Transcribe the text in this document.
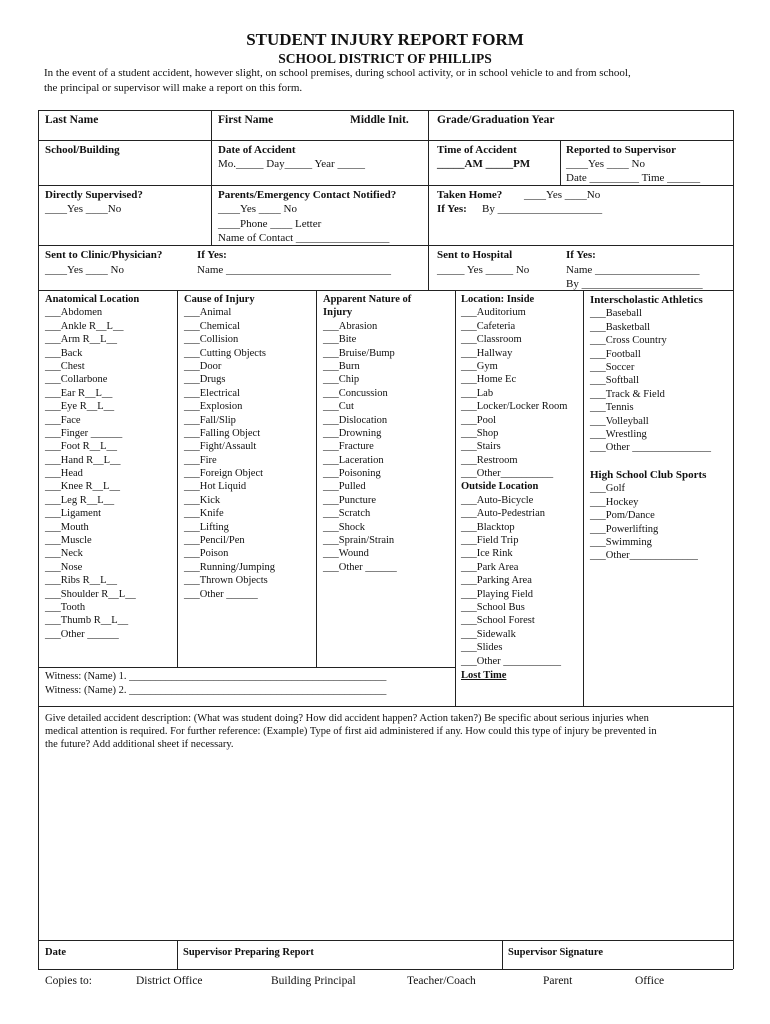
STUDENT INJURY REPORT FORM
SCHOOL DISTRICT OF PHILLIPS
In the event of a student accident, however slight, on school premises, during school activity, or in school vehicle to and from school,
the principal or supervisor will make a report on this form.
Last Name	First Name	Middle Init. Grade/Graduation Year
School/Building	Date of Accident
Mo._____ Day_____ Year _____
Time of Accident
_____AM _____PM
Reported to Supervisor
____Yes ____ No
Date _________ Time ______
Directly Supervised?
____Yes ____No
Parents/Emergency Contact Notified?
____Yes ____ No
____Phone ____ Letter
Name of Contact _________________
Taken Home? ____Yes ____No
If Yes: By ___________________
Sent to Clinic/Physician?
____Yes ____ No
If Yes:
Name ______________________________
Sent to Hospital
_____ Yes _____ No
If Yes:
Name ___________________
By ______________________
Anatomical Location
___Abdomen
___Ankle R__L__
___Arm R__L__
___Back
___Chest
___Collarbone
___Ear R__L__
___Eye R__L__
___Face
___Finger ______
___Foot R__L__
___Hand R__L__
___Head
___Knee R__L__
___Leg R__L__
___Ligament
___Mouth
___Muscle
___Neck
___Nose
___Ribs R__L__
___Shoulder R__L__
___Tooth
___Thumb R__L__
___Other ______
Cause of Injury
___Animal
___Chemical
___Collision
___Cutting Objects
___Door
___Drugs
___Electrical
___Explosion
___Fall/Slip
___Falling Object
___Fight/Assault
___Fire
___Foreign Object
___Hot Liquid
___Kick
___Knife
___Lifting
___Pencil/Pen
___Poison
___Running/Jumping
___Thrown Objects
___Other ______
Apparent Nature of
Injury
___Abrasion
___Bite
___Bruise/Bump
___Burn
___Chip
___Concussion
___Cut
___Dislocation
___Drowning
___Fracture
___Laceration
___Poisoning
___Pulled
___Puncture
___Scratch
___Shock
___Sprain/Strain
___Wound
___Other ______
Location: Inside
___Auditorium
___Cafeteria
___Classroom
___Hallway
___Gym
___Home Ec
___Lab
___Locker/Locker Room
___Pool
___Shop
___Stairs
___Restroom
___Other__________
Outside Location
___Auto-Bicycle
___Auto-Pedestrian
___Blacktop
___Field Trip
___Ice Rink
___Park Area
___Parking Area
___Playing Field
___School Bus
___School Forest
___Sidewalk
___Slides
___Other ___________
Lost Time
Interscholastic Athletics
___Baseball
___Basketball
___Cross Country
___Football
___Soccer
___Softball
___Track & Field
___Tennis
___Volleyball
___Wrestling
___Other _______________
High School Club Sports
___Golf
___Hockey
___Pom/Dance
___Powerlifting
___Swimming
___Other_____________
Witness: (Name) 1. _________________________________________________
Witness: (Name) 2. _________________________________________________
Give detailed accident description: (What was student doing? How did accident happen? Action taken?) Be specific about serious injuries when
medical attention is required. For further reference: (Example) Type of first aid administered if any. How could this type of injury be prevented in
the future? Add additional sheet if necessary.
Date	Supervisor Preparing Report	Supervisor Signature
Copies to:	District Office	Building Principal	Teacher/Coach	Parent	Office
